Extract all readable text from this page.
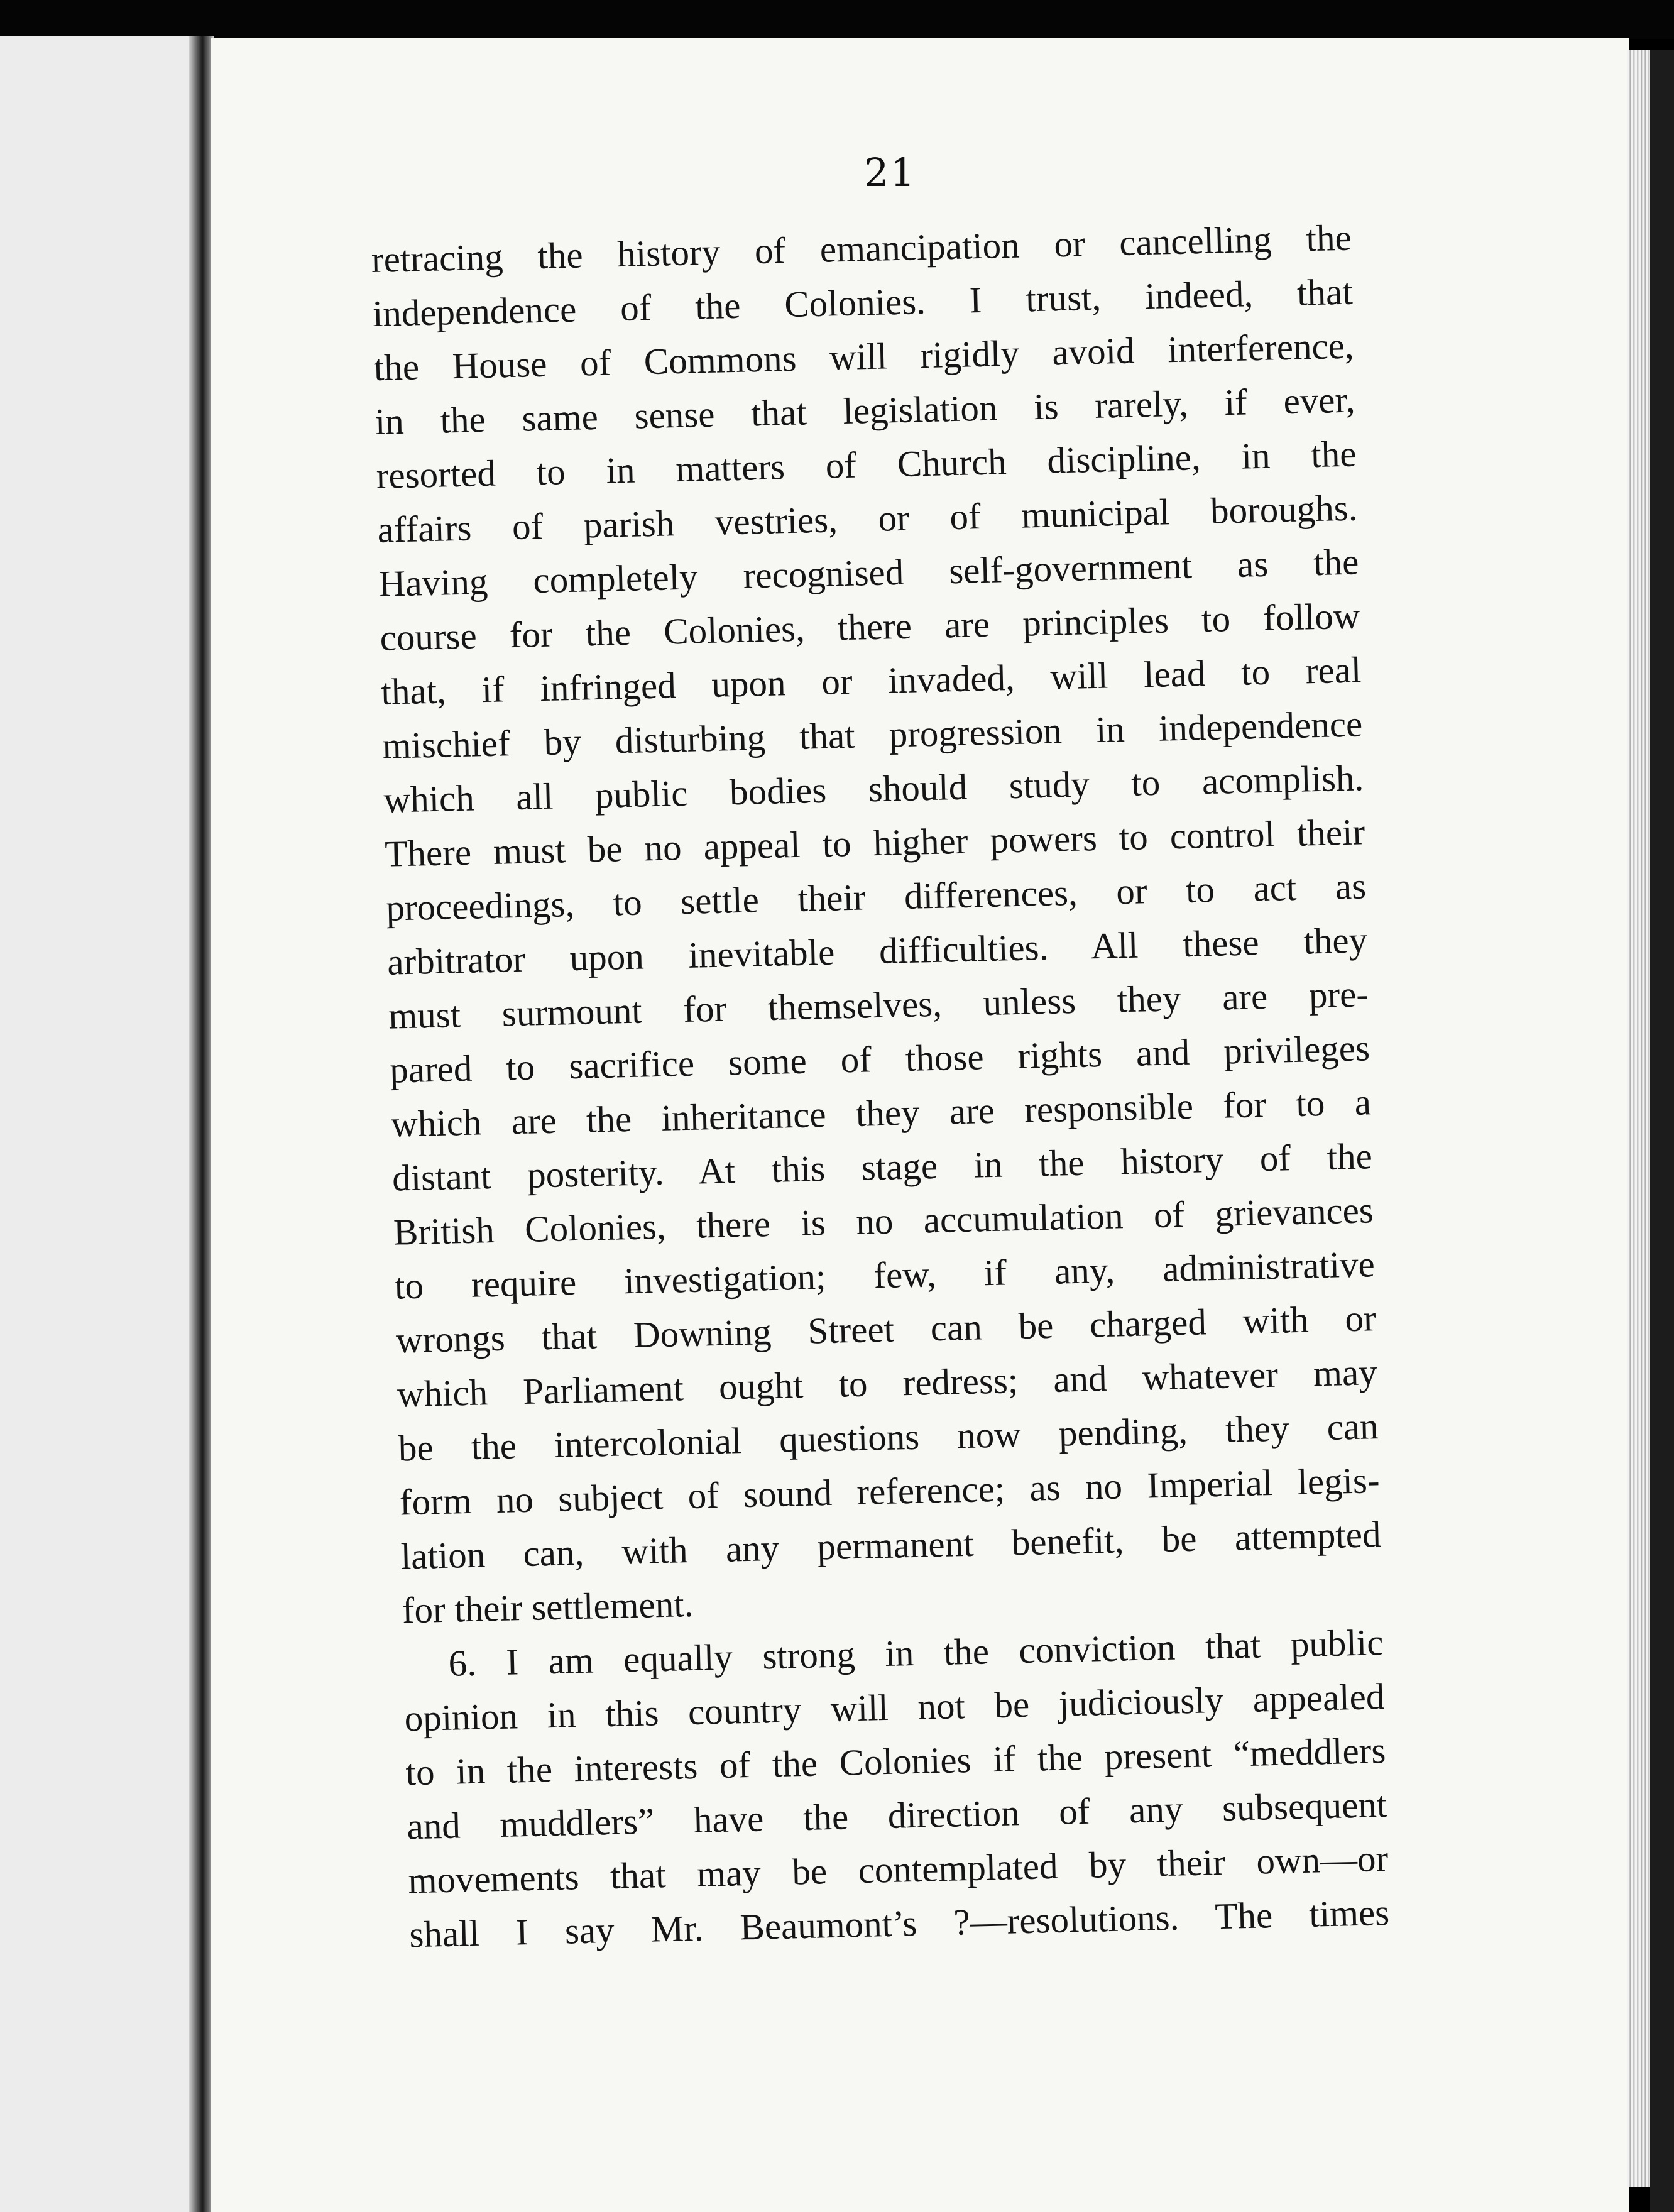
21
retracing the history of emancipation or cancelling the
independence of the Colonies. I trust, indeed, that
the House of Commons will rigidly avoid interference,
in the same sense that legislation is rarely, if ever,
resorted to in matters of Church discipline, in the
affairs of parish vestries, or of municipal boroughs.
Having completely recognised self-government as the
course for the Colonies, there are principles to follow
that, if infringed upon or invaded, will lead to real
mischief by disturbing that progression in independence
which all public bodies should study to acomplish.
There must be no appeal to higher powers to control their
proceedings, to settle their differences, or to act as
arbitrator upon inevitable difficulties. All these they
must surmount for themselves, unless they are pre-
pared to sacrifice some of those rights and privileges
which are the inheritance they are responsible for to a
distant posterity. At this stage in the history of the
British Colonies, there is no accumulation of grievances
to require investigation; few, if any, administrative
wrongs that Downing Street can be charged with or
which Parliament ought to redress; and whatever may
be the intercolonial questions now pending, they can
form no subject of sound reference; as no Imperial legis-
lation can, with any permanent benefit, be attempted
for their settlement.
6. I am equally strong in the conviction that public
opinion in this country will not be judiciously appealed
to in the interests of the Colonies if the present “meddlers
and muddlers” have the direction of any subsequent
movements that may be contemplated by their own—or
shall I say Mr. Beaumont’s ?—resolutions. The times
